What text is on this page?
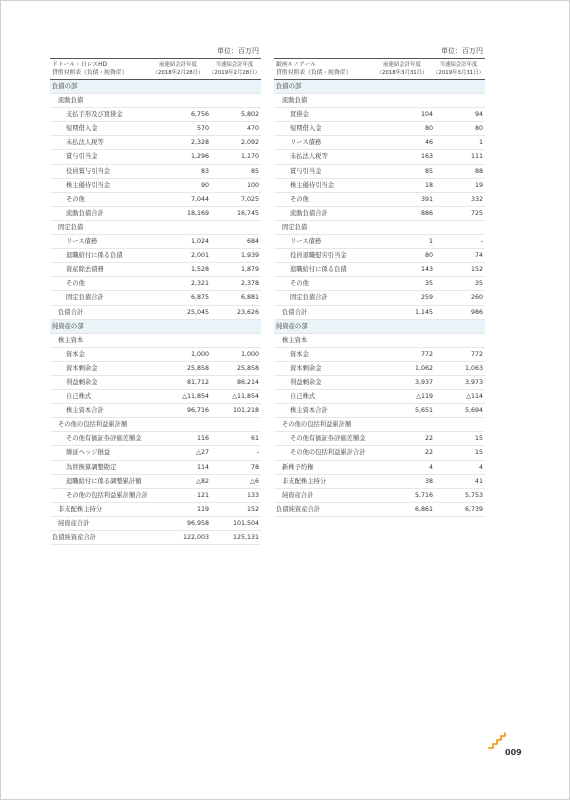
単位：百万円
ドトール・日レスHD
貸借対照表（負債・純資産）
前連結会計年度
（2018年2月28日）
当連結会計年度
（2019年2月28日）
負債の部
流動負債
支払手形及び買掛金	6,756	5,802
短期借入金	570	470
未払法人税等	2,328	2,092
賞与引当金	1,296	1,170
役員賞与引当金	83	85
株主優待引当金	90	100
その他	7,044	7,025
流動負債合計	18,169	16,745
固定負債
リース債務	1,024	684
退職給付に係る負債	2,001	1,939
資産除去債務	1,528	1,879
その他	2,321	2,378
固定負債合計	6,875	6,881
負債合計	25,045	23,626
純資産の部
株主資本
資本金	1,000	1,000
資本剰余金	25,858	25,858
利益剰余金	81,712	86,214
自己株式	△11,854	△11,854
株主資本合計	96,716	101,218
その他の包括利益累計額
その他有価証券評価差額金	116	61
繰延ヘッジ損益	△27	-
為替換算調整勘定	114	78
退職給付に係る調整累計額	△82	△6
その他の包括利益累計額合計	121	133
非支配株主持分	119	152
純資産合計	96,958	101,504
負債純資産合計	122,003	125,131
単位：百万円
銀座ルノアール
貸借対照表（負債・純資産）
前連結会計年度
（2018年3月31日）
当連結会計年度
（2019年3月31日）
負債の部
流動負債
買掛金	104	94
短期借入金	80	80
リース債務	46	1
未払法人税等	163	111
賞与引当金	85	88
株主優待引当金	18	19
その他	391	332
流動負債合計	886	725
固定負債
リース債務	1	-
役員退職慰労引当金	80	74
退職給付に係る負債	143	152
その他	35	35
固定負債合計	259	260
負債合計	1,145	986
純資産の部
株主資本
資本金	772	772
資本剰余金	1,062	1,063
利益剰余金	3,937	3,973
自己株式	△119	△114
株主資本合計	5,651	5,694
その他の包括利益累計額
その他有価証券評価差額金	22	15
その他の包括利益累計合計	22	15
新株予約権	4	4
非支配株主持分	38	41
純資産合計	5,716	5,753
負債純資産合計	6,861	6,739
009
